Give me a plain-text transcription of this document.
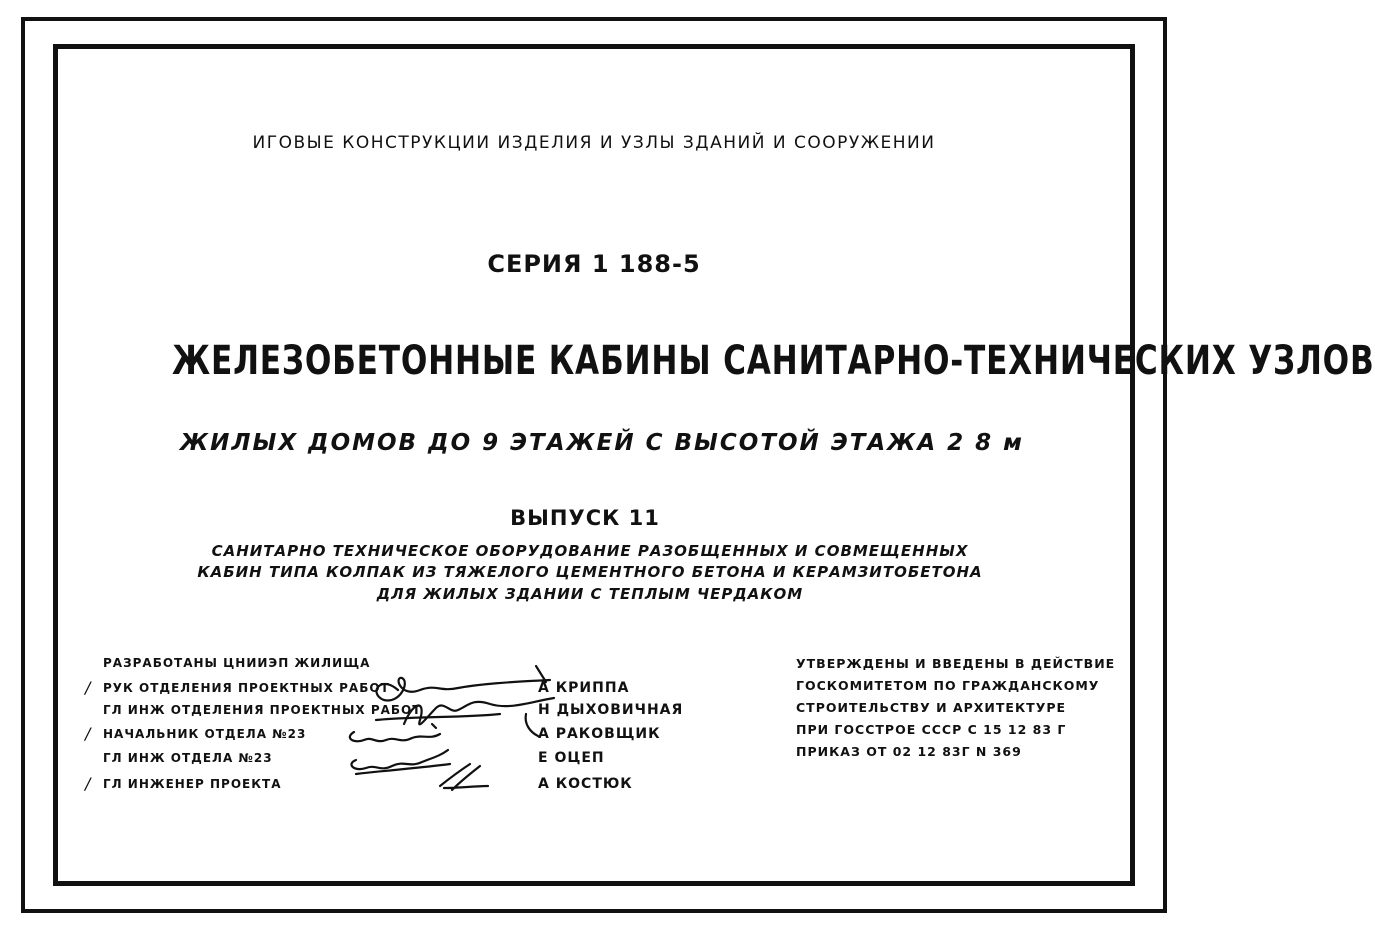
ИГОВЫЕ КОНСТРУКЦИИ ИЗДЕЛИЯ И УЗЛЫ ЗДАНИЙ И СООРУЖЕНИИ
СЕРИЯ 1 188-5
ЖЕЛЕЗОБЕТОННЫЕ КАБИНЫ САНИТАРНО-ТЕХНИЧЕСКИХ УЗЛОВ
ЖИЛЫХ ДОМОВ ДО 9 ЭТАЖЕЙ С ВЫСОТОЙ ЭТАЖА 2 8 м
ВЫПУСК 11
САНИТАРНО ТЕХНИЧЕСКОЕ ОБОРУДОВАНИЕ РАЗОБЩЕННЫХ И СОВМЕЩЕННЫХ
КАБИН ТИПА КОЛПАК ИЗ ТЯЖЕЛОГО ЦЕМЕНТНОГО БЕТОНА И КЕРАМЗИТОБЕТОНА
ДЛЯ ЖИЛЫХ ЗДАНИИ С ТЕПЛЫМ ЧЕРДАКОМ
РАЗРАБОТАНЫ ЦНИИЭП ЖИЛИЩА
/ РУК ОТДЕЛЕНИЯ ПРОЕКТНЫХ РАБОТ	А КРИППА
ГЛ ИНЖ ОТДЕЛЕНИЯ ПРОЕКТНЫХ РАБОТ	Н ДЫХОВИЧНАЯ
/ НАЧАЛЬНИК ОТДЕЛА №23	А РАКОВЩИК
ГЛ ИНЖ ОТДЕЛА №23	Е ОЦЕП
/ ГЛ ИНЖЕНЕР ПРОЕКТА	А КОСТЮК
УТВЕРЖДЕНЫ И ВВЕДЕНЫ В ДЕЙСТВИЕ
ГОСКОМИТЕТОМ ПО ГРАЖДАНСКОМУ
СТРОИТЕЛЬСТВУ И АРХИТЕКТУРЕ
ПРИ ГОССТРОЕ СССР С 15 12 83 Г
ПРИКАЗ ОТ 02 12 83Г N 369
